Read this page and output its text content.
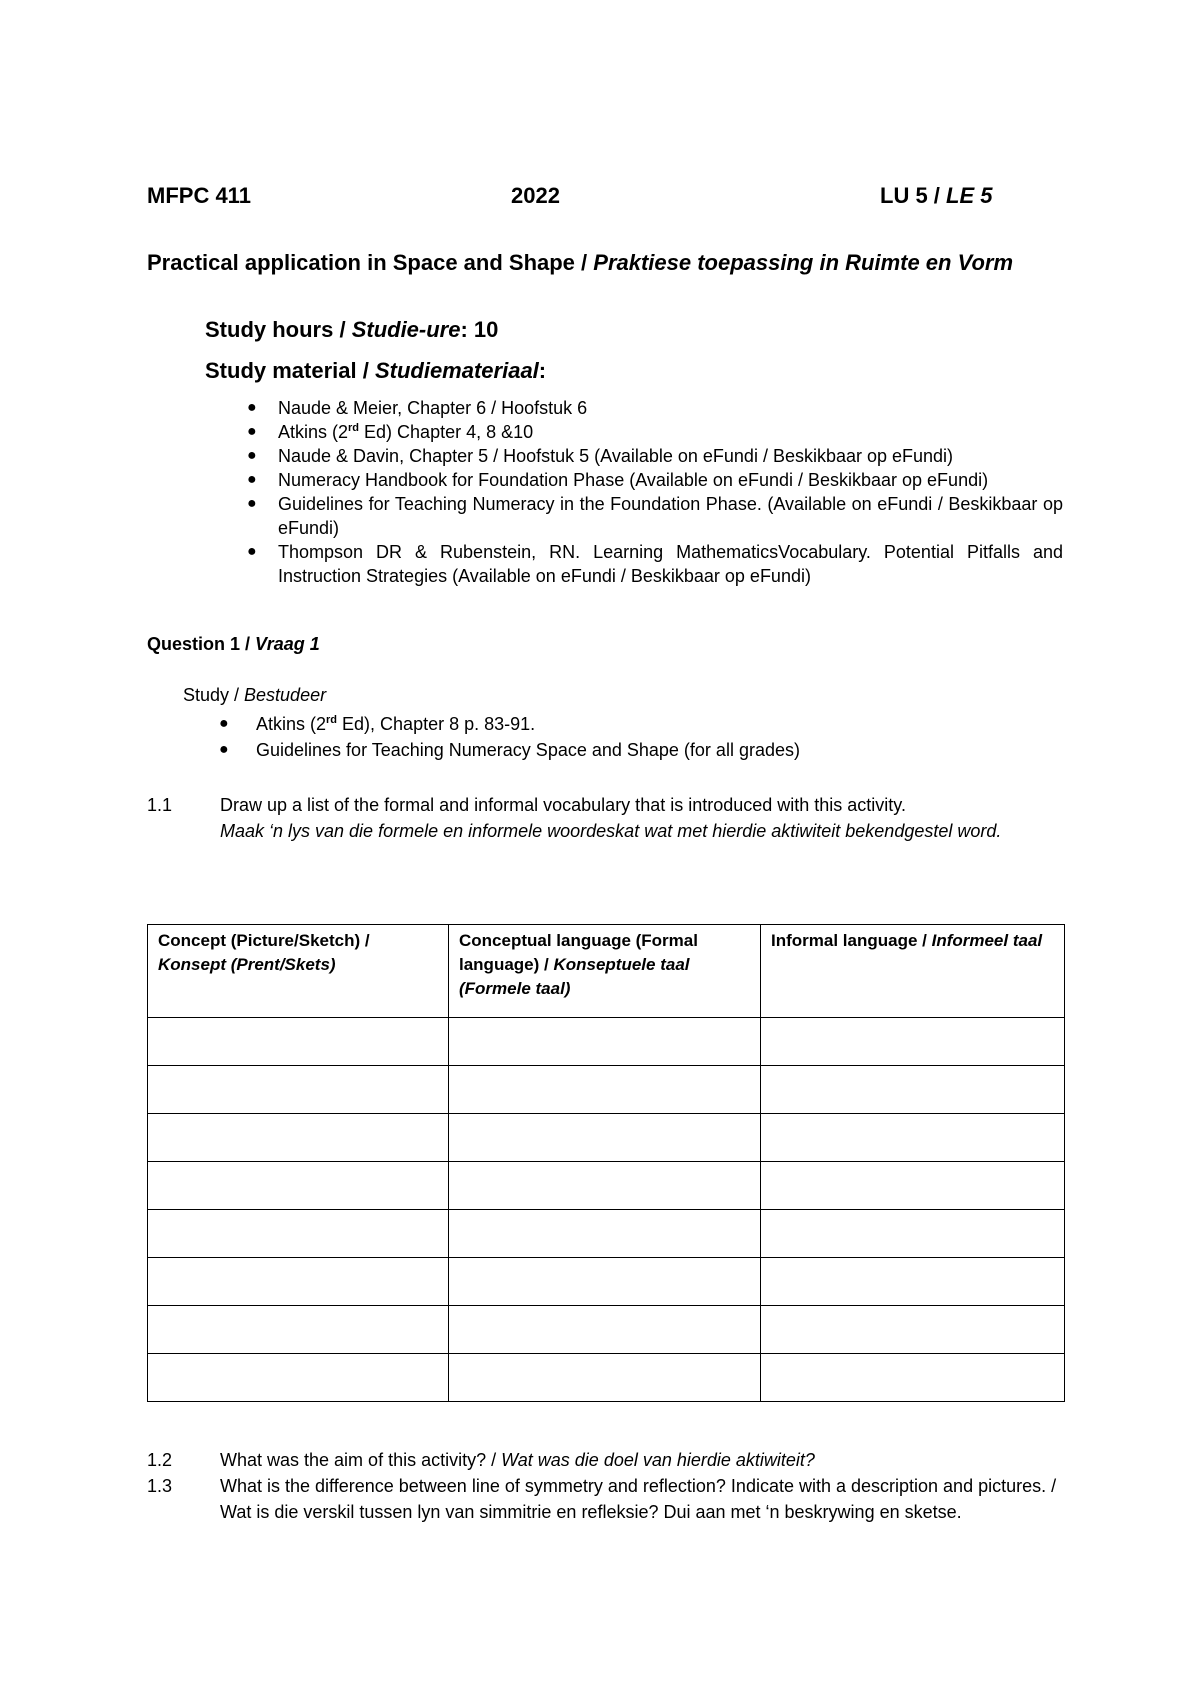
MFPC 411	2022	LU 5 / LE 5
Practical application in Space and Shape / Praktiese toepassing in Ruimte en Vorm
Study hours / Studie-ure: 10
Study material / Studiemateriaal:
● Naude & Meier, Chapter 6 / Hoofstuk 6
● Atkins (2rd Ed) Chapter 4, 8 &10
● Naude & Davin, Chapter 5 / Hoofstuk 5 (Available on eFundi / Beskikbaar op eFundi)
● Numeracy Handbook for Foundation Phase (Available on eFundi / Beskikbaar op eFundi)
● Guidelines for Teaching Numeracy in the Foundation Phase. (Available on eFundi / Beskikbaar op eFundi)
● Thompson DR & Rubenstein, RN. Learning MathematicsVocabulary. Potential Pitfalls and Instruction Strategies (Available on eFundi / Beskikbaar op eFundi)
Question 1 / Vraag 1
Study / Bestudeer
● Atkins (2rd Ed), Chapter 8 p. 83-91.
● Guidelines for Teaching Numeracy Space and Shape (for all grades)
1.1	Draw up a list of the formal and informal vocabulary that is introduced with this activity.
Maak ‘n lys van die formele en informele woordeskat wat met hierdie aktiwiteit bekendgestel word.
Concept (Picture/Sketch) / Konsept (Prent/Skets)	Conceptual language (Formal language) / Konseptuele taal (Formele taal)	Informal language / Informeel taal

1.2	What was the aim of this activity? / Wat was die doel van hierdie aktiwiteit?
1.3	What is the difference between line of symmetry and reflection? Indicate with a description and pictures. / Wat is die verskil tussen lyn van simmitrie en refleksie? Dui aan met ‘n beskrywing en sketse.
